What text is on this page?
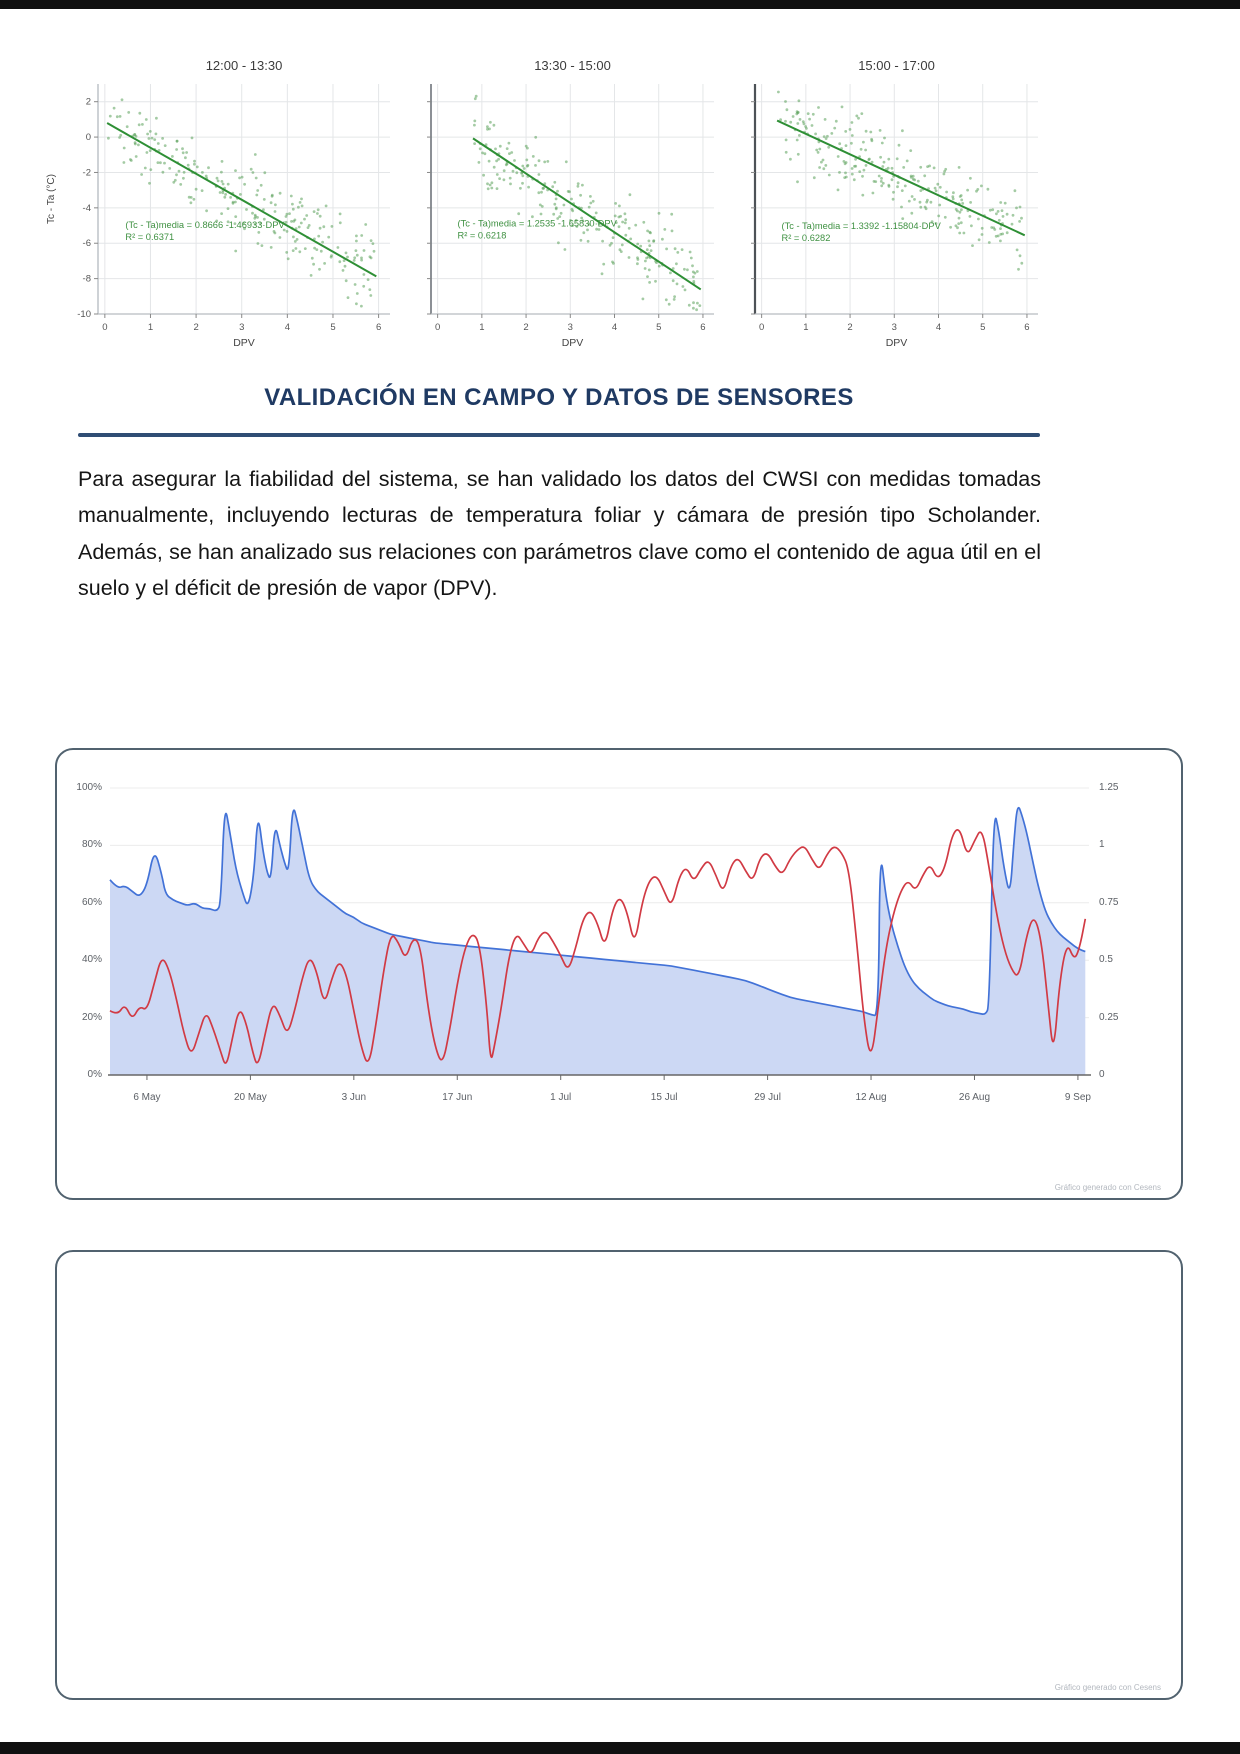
12:00 - 13:30
0	1	2	3	4	5	6
2
0
-2
-4
-6
-8
-10
DPV
Tc - Ta (°C)
(Tc - Ta)media = 0.8666 -1.46933·DPV
R² = 0.6371
13:30 - 15:00
0	1	2	3	4	5	6
DPV
(Tc - Ta)media = 1.2535 -1.65830·DPV
R² = 0.6218
15:00 - 17:00
0	1	2	3	4	5	6
DPV
(Tc - Ta)media = 1.3392 -1.15804·DPV
R² = 0.6282
VALIDACIÓN EN CAMPO Y DATOS DE SENSORES

Para asegurar la fiabilidad del sistema, se han validado los datos del CWSI con medidas tomadas manualmente, incluyendo lecturas de temperatura foliar y cámara de presión tipo Scholander. Además, se han analizado sus relaciones con parámetros clave como el contenido de agua útil en el suelo y el déficit de presión de vapor (DPV).

100%
80%
60%
40%
20%
0%
1.25
1
0.75
0.5
0.25
0
6 May	20 May	3 Jun	17 Jun	1 Jul	15 Jul	29 Jul	12 Aug	26 Aug	9 Sep
Gráfico generado con Cesens
Gráfico generado con Cesens
